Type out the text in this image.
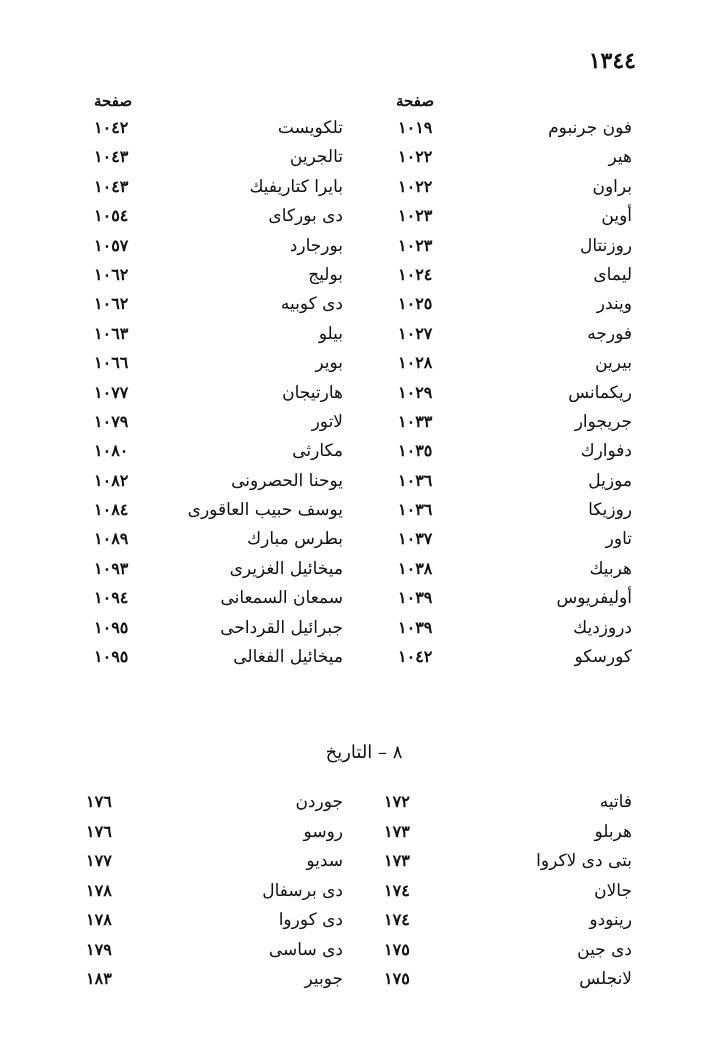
١٣٤٤
صفحة
صفحة
فون جرنبوم
١٠١٩
تلكويست
١٠٤٢
هير
١٠٢٢
تالجرين
١٠٤٣
براون
١٠٢٢
بايرا كتاريفيك
١٠٤٣
أوين
١٠٢٣
دى بوركاى
١٠٥٤
روزنتال
١٠٢٣
بورجارد
١٠٥٧
ليماى
١٠٢٤
بوليج
١٠٦٢
ويندر
١٠٢٥
دى كوبيه
١٠٦٢
فورجه
١٠٢٧
بيلو
١٠٦٣
بيرين
١٠٢٨
بوير
١٠٦٦
ريكمانس
١٠٢٩
هارتيجان
١٠٧٧
جريجوار
١٠٣٣
لاتور
١٠٧٩
دفوارك
١٠٣٥
مكارثى
١٠٨٠
موزيل
١٠٣٦
يوحنا الحصرونى
١٠٨٢
روزيكا
١٠٣٦
يوسف حبيب العاقورى
١٠٨٤
تاور
١٠٣٧
بطرس مبارك
١٠٨٩
هربيك
١٠٣٨
ميخائيل الغزيرى
١٠٩٣
أوليفريوس
١٠٣٩
سمعان السمعانى
١٠٩٤
دروزديك
١٠٣٩
جبرائيل القرداحى
١٠٩٥
كورسكو
١٠٤٢
ميخائيل الفغالى
١٠٩٥
٨ – التاريخ
فاتيه
١٧٢
جوردن
١٧٦
هربلو
١٧٣
روسو
١٧٦
بتى دى لاكروا
١٧٣
سديو
١٧٧
جالان
١٧٤
دى برسفال
١٧٨
رينودو
١٧٤
دى كوروا
١٧٨
دى جين
١٧٥
دى ساسى
١٧٩
لانجلس
١٧٥
جوبير
١٨٣
